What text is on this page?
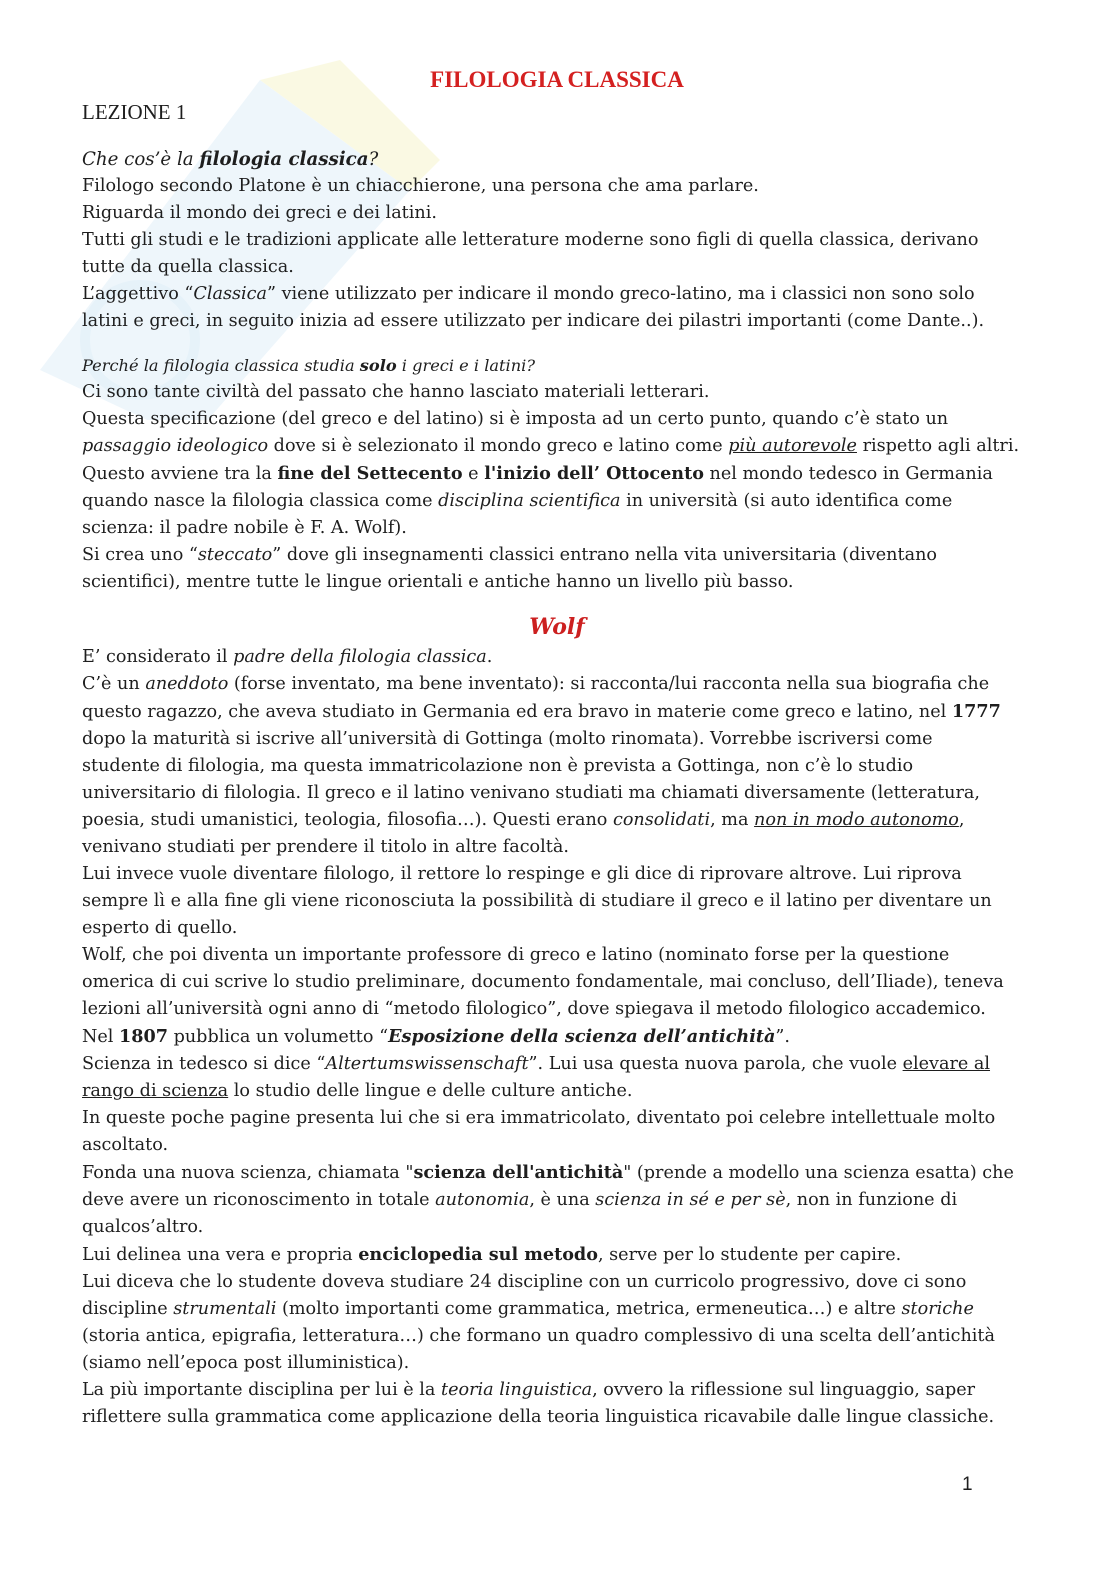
FILOLOGIA CLASSICA
LEZIONE 1

Che cos’è la filologia classica?

Filologo secondo Platone è un chiacchierone, una persona che ama parlare.

Riguarda il mondo dei greci e dei latini.

Tutti gli studi e le tradizioni applicate alle letterature moderne sono figli di quella classica, derivano

tutte da quella classica.

L’aggettivo “Classica” viene utilizzato per indicare il mondo greco-latino, ma i classici non sono solo

latini e greci, in seguito inizia ad essere utilizzato per indicare dei pilastri importanti (come Dante..).

Perché la filologia classica studia solo i greci e i latini?

Ci sono tante civiltà del passato che hanno lasciato materiali letterari.

Questa specificazione (del greco e del latino) si è imposta ad un certo punto, quando c’è stato un

passaggio ideologico dove si è selezionato il mondo greco e latino come più autorevole rispetto agli altri.

Questo avviene tra la fine del Settecento e l'inizio dell’ Ottocento nel mondo tedesco in Germania

quando nasce la filologia classica come disciplina scientifica in università (si auto identifica come

scienza: il padre nobile è F. A. Wolf).

Si crea uno “steccato” dove gli insegnamenti classici entrano nella vita universitaria (diventano

scientifici), mentre tutte le lingue orientali e antiche hanno un livello più basso.

Wolf

E’ considerato il padre della filologia classica.

C’è un aneddoto (forse inventato, ma bene inventato): si racconta/lui racconta nella sua biografia che

questo ragazzo, che aveva studiato in Germania ed era bravo in materie come greco e latino, nel 1777

dopo la maturità si iscrive all’università di Gottinga (molto rinomata). Vorrebbe iscriversi come

studente di filologia, ma questa immatricolazione non è prevista a Gottinga, non c’è lo studio

universitario di filologia. Il greco e il latino venivano studiati ma chiamati diversamente (letteratura,

poesia, studi umanistici, teologia, filosofia…). Questi erano consolidati, ma non in modo autonomo,

venivano studiati per prendere il titolo in altre facoltà.

Lui invece vuole diventare filologo, il rettore lo respinge e gli dice di riprovare altrove. Lui riprova

sempre lì e alla fine gli viene riconosciuta la possibilità di studiare il greco e il latino per diventare un

esperto di quello.

Wolf, che poi diventa un importante professore di greco e latino (nominato forse per la questione

omerica di cui scrive lo studio preliminare, documento fondamentale, mai concluso, dell’Iliade), teneva

lezioni all’università ogni anno di “metodo filologico”, dove spiegava il metodo filologico accademico.

Nel 1807 pubblica un volumetto “Esposizione della scienza dell’antichità”.

Scienza in tedesco si dice “Altertumswissenschaft”. Lui usa questa nuova parola, che vuole elevare al

rango di scienza lo studio delle lingue e delle culture antiche.

In queste poche pagine presenta lui che si era immatricolato, diventato poi celebre intellettuale molto

ascoltato.

Fonda una nuova scienza, chiamata "scienza dell'antichità" (prende a modello una scienza esatta) che

deve avere un riconoscimento in totale autonomia, è una scienza in sé e per sè, non in funzione di

qualcos’altro.

Lui delinea una vera e propria enciclopedia sul metodo, serve per lo studente per capire.

Lui diceva che lo studente doveva studiare 24 discipline con un curricolo progressivo, dove ci sono

discipline strumentali (molto importanti come grammatica, metrica, ermeneutica…) e altre storiche

(storia antica, epigrafia, letteratura…) che formano un quadro complessivo di una scelta dell’antichità

(siamo nell’epoca post illuministica).

La più importante disciplina per lui è la teoria linguistica, ovvero la riflessione sul linguaggio, saper

riflettere sulla grammatica come applicazione della teoria linguistica ricavabile dalle lingue classiche.

1
